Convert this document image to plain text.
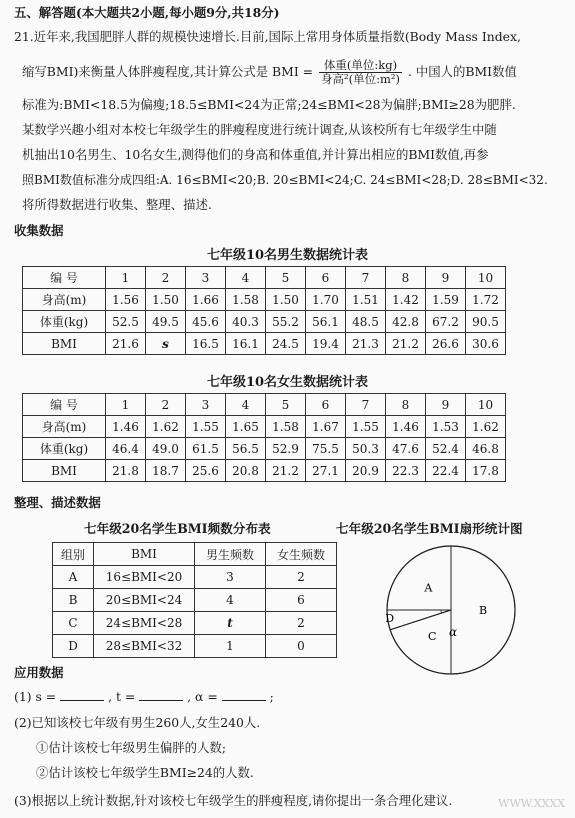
五、解答题(本大题共2小题,每小题9分,共18分)
21.近年来,我国肥胖人群的规模快速增长.目前,国际上常用身体质量指数(Body Mass Index,
缩写BMI)来衡量人体胖瘦程度,其计算公式是 BMI = $\frac{\text{体重(单位:kg)}}{\text{身高²(单位:m²)}}$ . 中国人的BMI数值
标准为:BMI<18.5为偏瘦;18.5≤BMI<24为正常;24≤BMI<28为偏胖;BMI≥28为肥胖.
某数学兴趣小组对本校七年级学生的胖瘦程度进行统计调查,从该校所有七年级学生中随
机抽出10名男生、10名女生,测得他们的身高和体重值,并计算出相应的BMI数值,再参
照BMI数值标准分成四组:A. 16≤BMI<20;B. 20≤BMI<24;C. 24≤BMI<28;D. 28≤BMI<32.
将所得数据进行收集、整理、描述.
收集数据
七年级10名男生数据统计表
编 号	1	2	3	4	5	6	7	8	9	10
身高(m)	1.56	1.50	1.66	1.58	1.50	1.70	1.51	1.42	1.59	1.72
体重(kg)	52.5	49.5	45.6	40.3	55.2	56.1	48.5	42.8	67.2	90.5
BMI	21.6	s	16.5	16.1	24.5	19.4	21.3	21.2	26.6	30.6
七年级10名女生数据统计表
编 号	1	2	3	4	5	6	7	8	9	10
身高(m)	1.46	1.62	1.55	1.65	1.58	1.67	1.55	1.46	1.53	1.62
体重(kg)	46.4	49.0	61.5	56.5	52.9	75.5	50.3	47.6	52.4	46.8
BMI	21.8	18.7	25.6	20.8	21.2	27.1	20.9	22.3	22.4	17.8
整理、描述数据
七年级20名学生BMI频数分布表
组别	BMI	男生频数	女生频数
A	16≤BMI<20	3	2
B	20≤BMI<24	4	6
C	24≤BMI<28	t	2
D	28≤BMI<32	1	0
七年级20名学生BMI扇形统计图
A
B
C
D
α
应用数据
(1) s =	, t =	, α =	;
(2)已知该校七年级有男生260人,女生240人.
①估计该校七年级男生偏胖的人数;
②估计该校七年级学生BMI≥24的人数.
(3)根据以上统计数据,针对该校七年级学生的胖瘦程度,请你提出一条合理化建议.	WWW.XXXX
